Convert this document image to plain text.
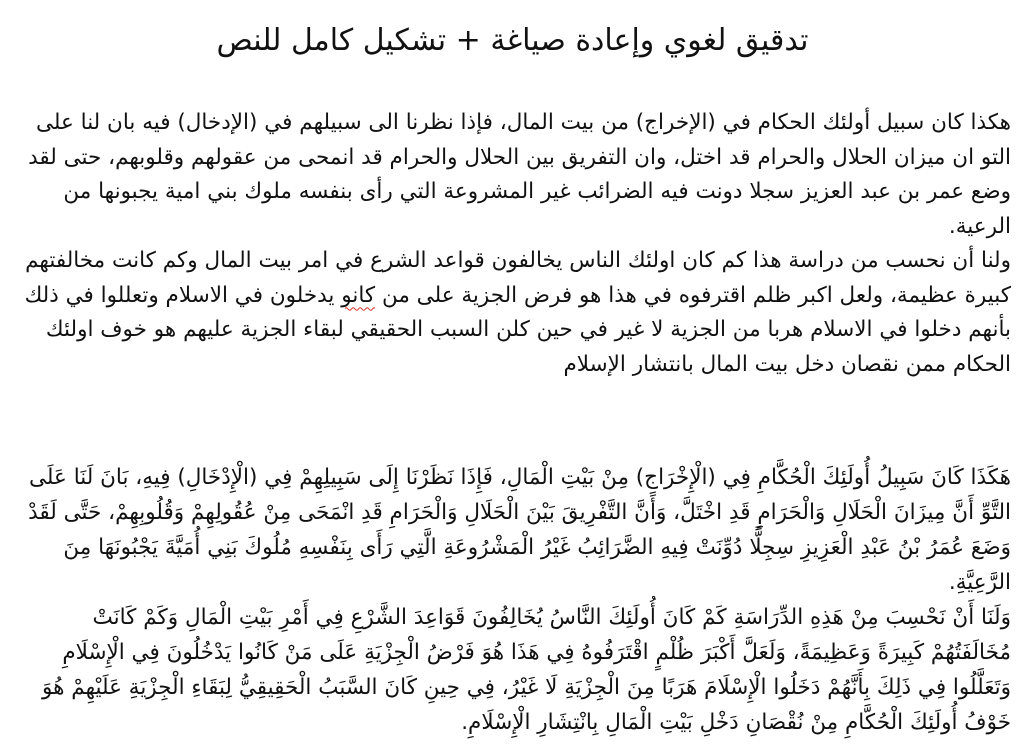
تدقيق لغوي وإعادة صياغة + تشكيل كامل للنص

هكذا كان سبيل أولئك الحكام في (الإخراج) من بيت المال، فإذا نظرنا الى سبيلهم في (الإدخال) فيه بان لنا على التو ان ميزان الحلال والحرام قد اختل، وان التفريق بين الحلال والحرام قد انمحى من عقولهم وقلوبهم، حتى لقد وضع عمر بن عبد العزيز سجلا دونت فيه الضرائب غير المشروعة التي رأى بنفسه ملوك بني امية يجبونها من الرعية.

ولنا أن نحسب من دراسة هذا كم كان اولئك الناس يخالفون قواعد الشرع في امر بيت المال وكم كانت مخالفتهم كبيرة عظيمة، ولعل اكبر ظلم اقترفوه في هذا هو فرض الجزية على من كانو يدخلون في الاسلام وتعللوا في ذلك بأنهم دخلوا في الاسلام هربا من الجزية لا غير في حين كلن السبب الحقيقي لبقاء الجزية عليهم هو خوف اولئك الحكام ممن نقصان دخل بيت المال بانتشار الإسلام

هَكَذَا كَانَ سَبِيلُ أُولَئِكَ الْحُكَّامِ فِي (الْإِخْرَاجِ) مِنْ بَيْتِ الْمَالِ، فَإِذَا نَظَرْنَا إِلَى سَبِيلِهِمْ فِي (الْإِدْخَالِ) فِيهِ، بَانَ لَنَا عَلَى التَّوِّ أَنَّ مِيزَانَ الْحَلَالِ وَالْحَرَامِ قَدِ اخْتَلَّ، وَأَنَّ التَّفْرِيقَ بَيْنَ الْحَلَالِ وَالْحَرَامِ قَدِ انْمَحَى مِنْ عُقُولِهِمْ وَقُلُوبِهِمْ، حَتَّى لَقَدْ وَضَعَ عُمَرُ بْنُ عَبْدِ الْعَزِيزِ سِجِلًّا دُوِّنَتْ فِيهِ الضَّرَائِبُ غَيْرُ الْمَشْرُوعَةِ الَّتِي رَأَى بِنَفْسِهِ مُلُوكَ بَنِي أُمَيَّةَ يَجْبُونَهَا مِنَ الرَّعِيَّةِ.

وَلَنَا أَنْ نَحْسِبَ مِنْ هَذِهِ الدِّرَاسَةِ كَمْ كَانَ أُولَئِكَ النَّاسُ يُخَالِفُونَ قَوَاعِدَ الشَّرْعِ فِي أَمْرِ بَيْتِ الْمَالِ وَكَمْ كَانَتْ مُخَالَفَتُهُمْ كَبِيرَةً وَعَظِيمَةً، وَلَعَلَّ أَكْبَرَ ظُلْمٍ اقْتَرَفُوهُ فِي هَذَا هُوَ فَرْضُ الْجِزْيَةِ عَلَى مَنْ كَانُوا يَدْخُلُونَ فِي الْإِسْلَامِ وَتَعَلَّلُوا فِي ذَلِكَ بِأَنَّهُمْ دَخَلُوا الْإِسْلَامَ هَرَبًا مِنَ الْجِزْيَةِ لَا غَيْرُ، فِي حِينِ كَانَ السَّبَبُ الْحَقِيقِيُّ لِبَقَاءِ الْجِزْيَةِ عَلَيْهِمْ هُوَ خَوْفُ أُولَئِكَ الْحُكَّامِ مِنْ نُقْصَانِ دَخْلِ بَيْتِ الْمَالِ بِانْتِشَارِ الْإِسْلَامِ.
